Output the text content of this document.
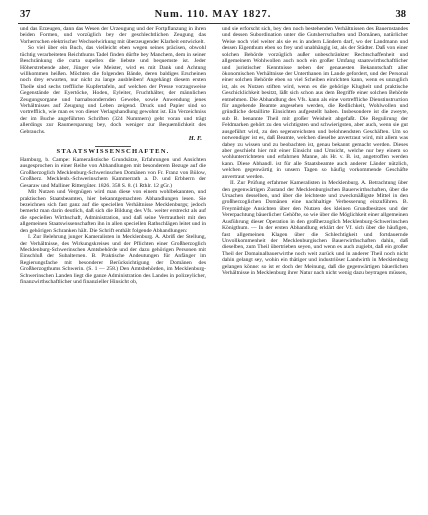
37	Num. 110. MAY 1827.	38

und das Erzeugen, dann das Wesen der Urzeugung und der Fortpflanzung in ihren beiden Formen, und vorzüglich bey der geschlechtlichen Zeugung das Vorherrschen elektrischer Wechselwirkung mit überzeugender Klarheit entwickelt.

So viel über ein Buch, das vielleicht eben wegen seines präcisen, obwohl tüchtig verarbeiteten Reichthums Tadel finden dürfte bey Manchem, dem in seiner Beschränkung die curta supellex die liebste und bequemste ist. Jeder Höherstrebende aber, Jünger wie Meister, wird es mit Dank und Achtung willkommen heißen. Möchten die folgenden Bände, deren baldiges Erscheinen noch drey erwarten, nur nicht zu lange ausbleiben! Angehängt diesem ersten Theile sind sechs treffliche Kupfertafeln, auf welchen der Presse vorzugsweise Gegenstände der Eyertöcke, Hoden, Eyleiter, Fruchthälter, der männlichen Zeugungsorgane und harnabsondernden Gewebe, sowie Anwendung jenes Verhältnisses auf Zeugung und Leben zeigend. Druck und Papier sind so vortrefflich, wie man es von dieser Verlagshandlung gewohnt ist. Ein Verzeichniss der im Buche angeführten Schriften (324 Nummern) geht voran und trägt allerdings zur Raumersparung bey, doch weniger zur Bequemlichkeit des Gebrauchs.

H. F.
STAATSWISSENSCHAFTEN.

Hamburg, b. Campe: Kameralistische Grundsätze, Erfahrungen und Ansichten ausgesprochen in einer Reihe von Abhandlungen mit besonderem Bezuge auf die Großherzoglich Mecklenburg-Schwerinschen Domänen von Fr. Franz von Bülow, Großherz. Mecklenb.-Schwerinschem Kammerrath a. D. und Erbherrn der Gesaraw und Malliner Rittergüter. 1826. 358 S. 8. (1 Rthlr. 12 gGr.)

Mit Nutzen und Vergnügen wird man diese von einem wohlbekannten, und praktischen Staatsbeamten, hier bekanntgemachten Abhandlungen lesen. Sie bezeichnen sich fast ganz auf die speciellen Verhältnisse Mecklenburgs; jedoch bemerkt man darin deutlich, daß sich die Bildung des Vfs. weiter erstreckt als auf die speciellen Wirthschaft, Administration, und daß seine Vertrautheit mit den allgemeinen Staatswissenschaften ihn in allen speciellen Rathschlägen leitet und in den gehörigen Schranken hält. Die Schrift enthält folgende Abhandlungen:

I. Zur Belehrung junger Kameralisten in Mecklenburg. A. Abriß der Stellung, der Verhältnisse, des Wirkungskreises und der Pflichten einer Großherzoglich Mecklenburg-Schwerinschen Amtsbehörde und der dazu gehörigen Personen mit Einschluß der Subalternen. B. Praktische Andeutungen für Anfänger im Regierungsfache mit besonderer Berücksichtigung der Domänen des Großherzogthums Schwerin. (S. 1 — 258.) Den Amtsbehörden, im Mecklenburg-Schwerinschen Landen liegt die ganze Administration des Landes in polizeylicher, finanzwirthschaftlicher und finanzieller Hinsicht ob,

und sie erforscht sich, bey den noch bestehenden Verhältnissen des Bauernstandes und dessen Subordination unter die Gutsherrschaften und Domänen, natürlicher Weise noch viel weiter als sie es in andern Ländern darf, wo der Landmann und dessen Eigenthum eben so frey und unabhängig ist, als der Städter. Daß von einer solchen Behörde vorzüglich außer unbeschränkter Rechtschaffenheit und allgemeinem Wohlwollen auch noch ein großer Umfang staatswirthschaftlicher und juristischer Kenntnisse neben der genauesten Bekanntschaft aller ökonomischen Verhältnisse der Unterthanen im Lande gefordert, und der Personal einer solchen Behörde eben so viel Scheiben einrichten kann, wenn es unzuglich ist, als es Nutzen stiften wird, wenn es die gehörige Klugheit und praktische Geschicklichkeit besitzt, läßt sich schon aus dem Begriffe einer solchen Behörde entnehmen. Die Abhandlung des Vfs. kann als eine vortreffliche Dienstinstruction für angehende Beamte angesehen werden, die Redlichkeit, Wohlwollen und gründliche detaillirte Einsichten aufgestellt haben. Insbesondere ist die zweyte, sub B. benannte Theil mit großer Weisheit abgefaßt. Die Regulirung der Feldmarken gehört zu den wichtigsten und schwierigsten, aber auch, wenn sie gut ausgeführt wird, zu den segensreichsten und belohnendsten Geschäften. Um so notwendiger ist es, daß Beamte, welchen dieselbe anvertraut wird, mit allem was dabey zu wissen und zu beobachten ist, genau bekannt gemacht werden. Dieses aber geschieht hier mit einer Einsicht und Umsicht, welche nur bey einem so wohlunterrichteten und erfahrnen Manne, als Hr. v. B. ist, angetroffen werden kann. Diese Abhandl. ist für alle Staatsbeamte auch anderer Länder nützlich, welchen gegenwärtig in unsern Tagen so häufig vorkommende Geschäfte anvertraut werden.

II. Zur Prüfung erfahrner Kameralisten in Mecklenburg. A. Betrachtung über den gegenwärtigen Zustand der Mecklenburgischen Bauerwirthschaften, über die Ursachen desselben, und über die leichteste und zweckmäßigste Mittel in den großherzoglichen Domänen eine nachhaltige Verbesserung einzuführen. B. Freymüthige Ansichten über den Nutzen des kleinen Grundbesitzes und der Vererpachtung bäuerlicher Gehöfte, so wie über die Möglichkeit einer allgemeinen Ausführung dieser Operation in den großherzoglich Mecklenburg-Schwerinschen Königthum. — In der ersten Abhandlung erklärt der Vf. sich über die häufigen, fast allgemeinen Klagen über die Schlechtigkeit und fortdauernde Unvollkommenheit der Mecklenburgischen Bauerwirthschaften dahin, daß dieselben, zum Theil übertrieben seyen, und wenn es auch zugiebt, daß ein großer Theil der Domainalbauerwirthe noch weit zurück und in anderer Theil noch nicht dahin gelangt sey, wohin ein thätiger und industriöser Landwirth in Mecklenburg gelangen könne: so ist er doch der Meinung, daß die gegenwärtigen bäuerlichen Verhältnisse in Mecklenburg ihrer Natur nach nicht wenig dazu beytragen müssen,
